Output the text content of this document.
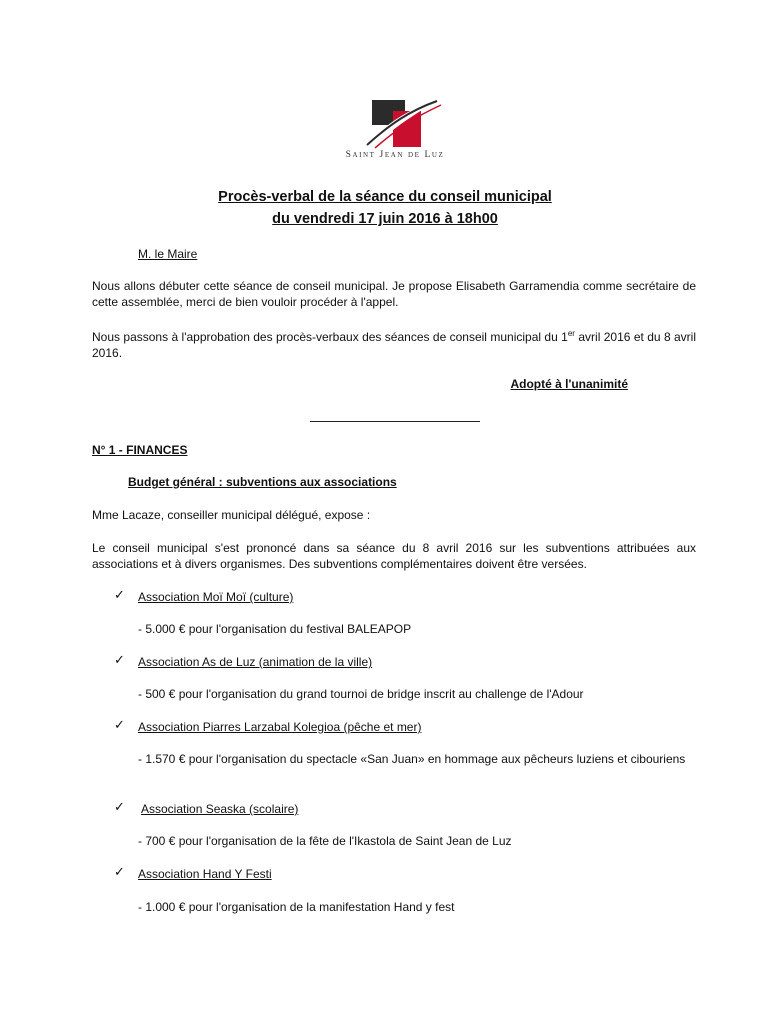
Saint Jean de Luz
Procès-verbal de la séance du conseil municipal
du vendredi 17 juin 2016 à 18h00
M. le Maire
Nous allons débuter cette séance de conseil municipal. Je propose Elisabeth Garramendia comme secrétaire de cette assemblée, merci de bien vouloir procéder à l'appel.
Nous passons à l'approbation des procès-verbaux des séances de conseil municipal du 1er avril 2016 et du 8 avril 2016.
Adopté à l'unanimité
N° 1 - FINANCES
Budget général : subventions aux associations
Mme Lacaze, conseiller municipal délégué, expose :
Le conseil municipal s'est prononcé dans sa séance du 8 avril 2016 sur les subventions attribuées aux associations et à divers organismes. Des subventions complémentaires doivent être versées.
✓ Association Moï Moï (culture)
- 5.000 € pour l'organisation du festival BALEAPOP
✓ Association As de Luz (animation de la ville)
- 500 € pour l'organisation du grand tournoi de bridge inscrit au challenge de l'Adour
✓ Association Piarres Larzabal Kolegioa (pêche et mer)
- 1.570 € pour l'organisation du spectacle «San Juan» en hommage aux pêcheurs luziens et cibouriens
✓ Association Seaska (scolaire)
- 700 € pour l'organisation de la fête de l'Ikastola de Saint Jean de Luz
✓ Association Hand Y Festi
- 1.000 € pour l'organisation de la manifestation Hand y fest
